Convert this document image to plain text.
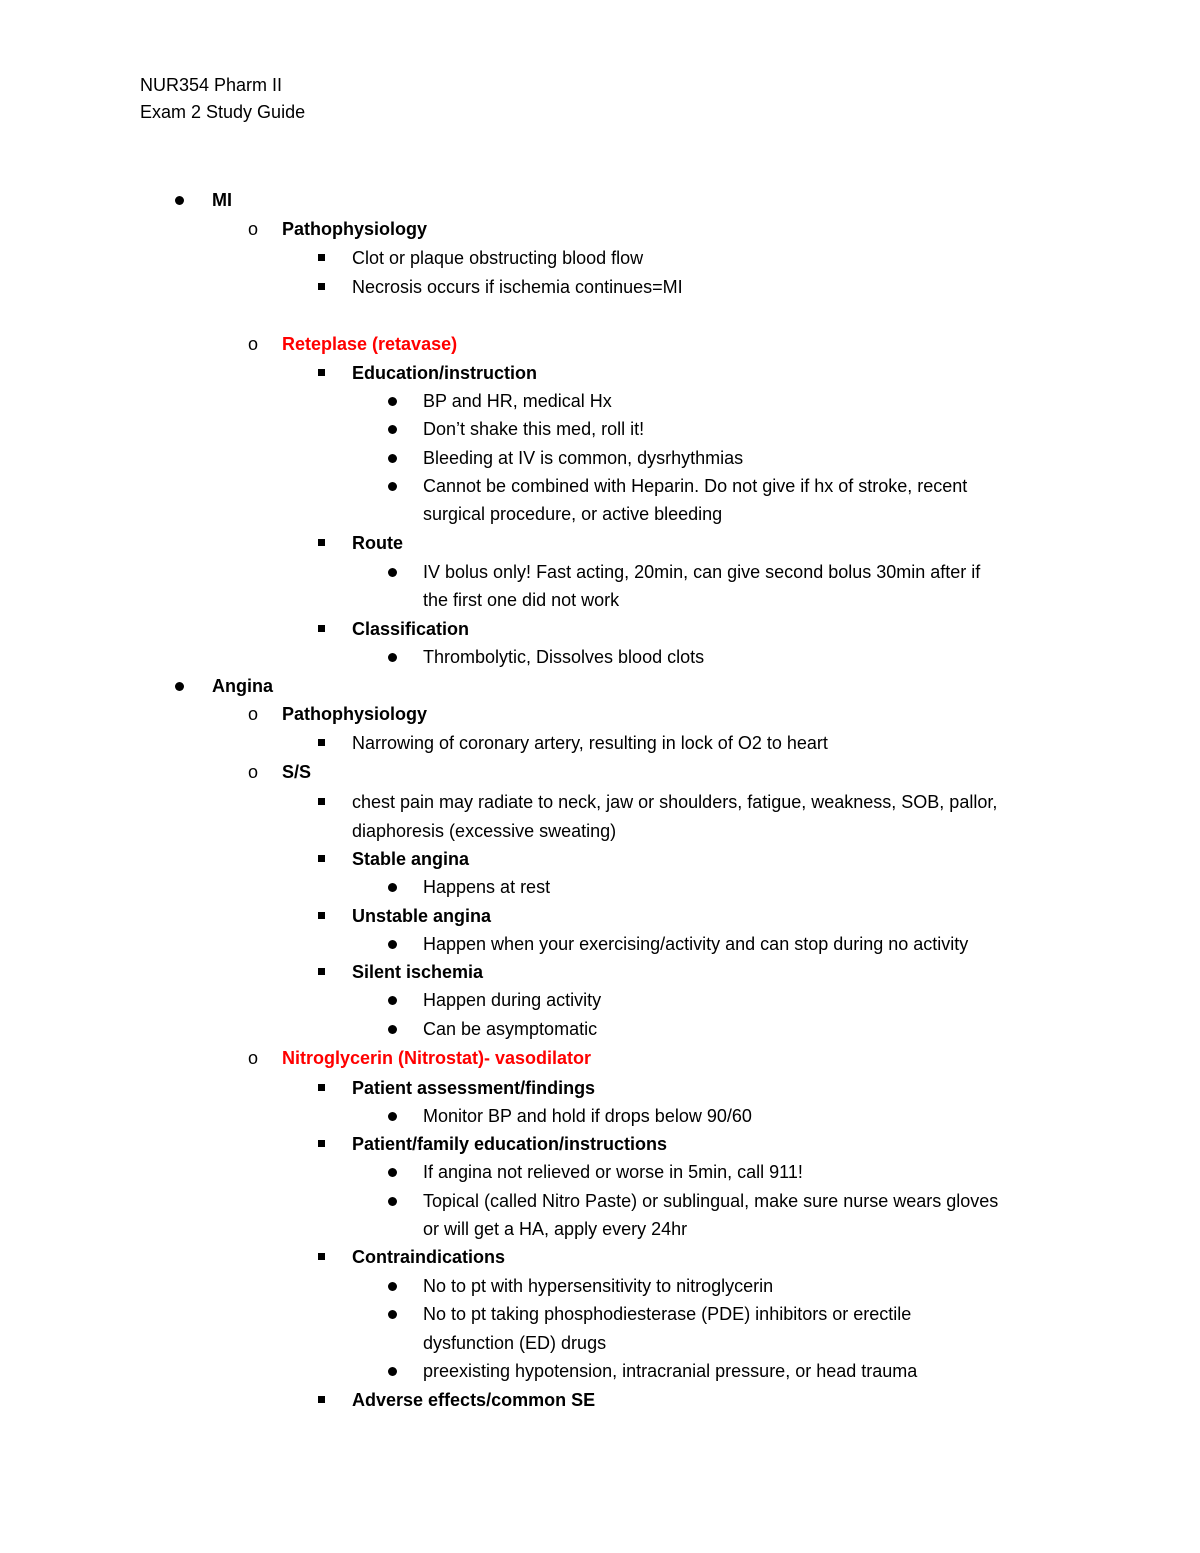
NUR354 Pharm II
Exam 2 Study Guide
MI
o Pathophysiology
Clot or plaque obstructing blood flow
Necrosis occurs if ischemia continues=MI
o Reteplase (retavase)
Education/instruction
BP and HR, medical Hx
Don’t shake this med, roll it!
Bleeding at IV is common, dysrhythmias
Cannot be combined with Heparin. Do not give if hx of stroke, recent
surgical procedure, or active bleeding
Route
IV bolus only! Fast acting, 20min, can give second bolus 30min after if
the first one did not work
Classification
Thrombolytic, Dissolves blood clots
Angina
o Pathophysiology
Narrowing of coronary artery, resulting in lock of O2 to heart
o S/S
chest pain may radiate to neck, jaw or shoulders, fatigue, weakness, SOB, pallor,
diaphoresis (excessive sweating)
Stable angina
Happens at rest
Unstable angina
Happen when your exercising/activity and can stop during no activity
Silent ischemia
Happen during activity
Can be asymptomatic
o Nitroglycerin (Nitrostat)- vasodilator
Patient assessment/findings
Monitor BP and hold if drops below 90/60
Patient/family education/instructions
If angina not relieved or worse in 5min, call 911!
Topical (called Nitro Paste) or sublingual, make sure nurse wears gloves
or will get a HA, apply every 24hr
Contraindications
No to pt with hypersensitivity to nitroglycerin
No to pt taking phosphodiesterase (PDE) inhibitors or erectile
dysfunction (ED) drugs
preexisting hypotension, intracranial pressure, or head trauma
Adverse effects/common SE
